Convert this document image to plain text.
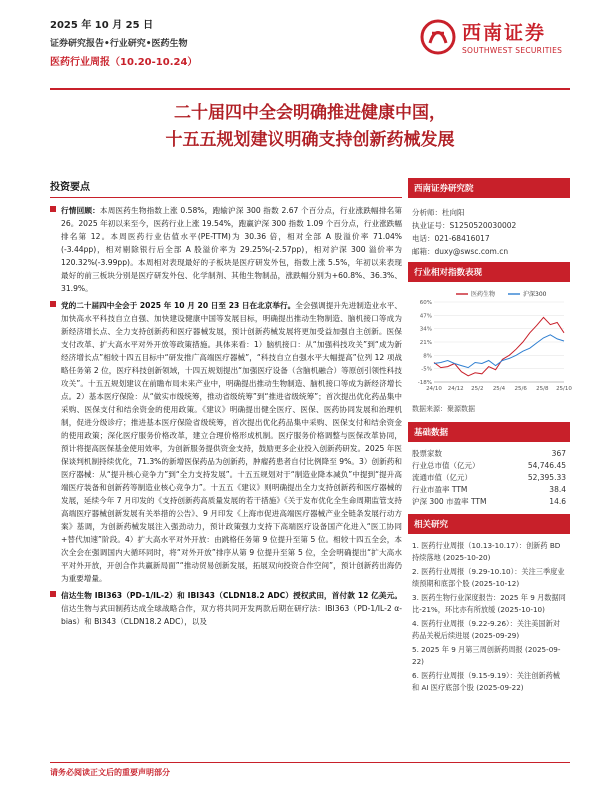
2025 年 10 月 25 日
证券研究报告•行业研究•医药生物
医药行业周报（10.20-10.24）
西南证券
SOUTHWEST SECURITIES
二十届四中全会明确推进健康中国，
十五五规划建议明确支持创新药械发展
投资要点
行情回顾：本周医药生物指数上涨 0.58%，跑输沪深 300 指数 2.67 个百分点，行业涨跌幅排名第 26。2025 年初以来至今，医药行业上涨 19.54%，跑赢沪深 300 指数 1.09 个百分点，行业涨跌幅排名第 12。本周医药行业估值水平(PE-TTM)为 30.36 倍，相对全部 A 股溢价率 71.04% (-3.44pp)，相对剔除银行后全部 A 股溢价率为 29.25%(-2.57pp)，相对沪深 300 溢价率为 120.32%(-3.99pp)。本周相对表现最好的子板块是医疗研发外包，指数上涨 5.5%，年初以来表现最好的前三板块分别是医疗研发外包、化学制剂、其他生物制品，涨跌幅分别为+60.8%、36.3%、31.9%。
党的二十届四中全会于 2025 年 10 月 20 日至 23 日在北京举行。全会强调提升先进制造业水平、加快高水平科技自立自强、加快建设健康中国等发展目标，明确提出推动生物制造、脑机接口等成为新经济增长点、全力支持创新药和医疗器械发展，预计创新药械发展将更加受益加强自主创新。医保支付改革、扩大高水平对外开放等政策措施。具体来看：1）脑机接口：从“加强科技攻关”到“成为新经济增长点”相较十四五目标中“研发推广高端医疗器械”，“科技自立自强水平大幅提高”位列 12 项战略任务第 2 位，医疗科技创新领域，十四五规划提出“加强医疗设备（含脑机融合）等原创引领性科技攻关”。十五五规划建议在前瞻布局未来产业中，明确提出推动生物制造、脑机接口等成为新经济增长点。2）基本医疗保险：从“做实市级统筹，推动省级统筹”到“推进省级统筹”；首次提出优化药品集中采购、医保支付和结余资金的使用政策。《建议》明确提出健全医疗、医保、医药协同发展和治理机制，促进分级诊疗；推进基本医疗保险省级统筹，首次提出优化药品集中采购、医保支付和结余资金的使用政策；深化医疗服务价格改革，建立合理价格形成机制。医疗服务价格调整与医保改革协同，预计将提高医保基金使用效率，为创新服务提供资金支持，鼓励更多企业投入创新药研发。2025 年医保谈判机制持续优化，71.3%的新增医保药品为创新药，肿瘤药患者自付比例降至 9%。3）创新药和医疗器械：从“提升核心竞争力”到“全力支持发展”。十五五规划对于“制造业降本减负”中提到“提升高端医疗装备和创新药等制造业核心竞争力”。十五五《建议》则明确提出全力支持创新药和医疗器械的发展，延续今年 7 月印发的《支持创新药高质量发展的若干措施》《关于发布优化全生命周期监管支持高端医疗器械创新发展有关举措的公告》、9 月印发《上海市促进高端医疗器械产业全链条发展行动方案》基调，为创新药械发展注入强劲动力，预计政策强力支持下高端医疗设备国产化进入“医工协同+替代加速”阶段。4）扩大高水平对外开放：由跳格任务第 9 位提升至第 5 位。相较十四五全会，本次全会在强调国内大循环同时，将“对外开放”排序从第 9 位提升至第 5 位，全会明确提出“扩大高水平对外开放，开创合作共赢新局面”“推动贸易创新发展，拓展双向投资合作空间”，预计创新药出海仍为重要增量。
信达生物 IBI363（PD-1/IL-2）和 IBI343（CLDN18.2 ADC）授权武田，首付款 12 亿美元。信达生物与武田制药达成全球战略合作，双方将共同开发两款后期在研疗法：IBI363（PD-1/IL-2 α-bias）和 BI343（CLDN18.2 ADC），以及
西南证券研究院
分析师：杜向阳
执业证号：S1250520030002
电话：021-68416017
邮箱：duxy@swsc.com.cn
行业相对指数表现
-18%
-5%
8%
21%
34%
47%
60%
24/10 24/12 25/2 25/4 25/6 25/8 25/10
医药生物	沪深300
数据来源：聚源数据
基础数据
股票家数	367
行业总市值（亿元）	54,746.45
流通市值（亿元）	52,395.33
行业市盈率 TTM	38.4
沪深 300 市盈率 TTM	14.6
相关研究
1. 医药行业周报（10.13-10.17）：创新药 BD 持续落地 (2025-10-20)
2. 医药行业周报（9.29-10.10）：关注三季度业绩预期和底部个股 (2025-10-12)
3. 医药生物行业深度报告：2025 年 9 月数据同比-21%，环比亦有所放缓 (2025-10-10)
4. 医药行业周报（9.22-9.26）：关注美国新对药品关税后续进展 (2025-09-29)
5. 2025 年 9 月第三周创新药周报 (2025-09-22)
6. 医药行业周报（9.15-9.19）：关注创新药械和 AI 医疗底部个股 (2025-09-22)
请务必阅读正文后的重要声明部分
